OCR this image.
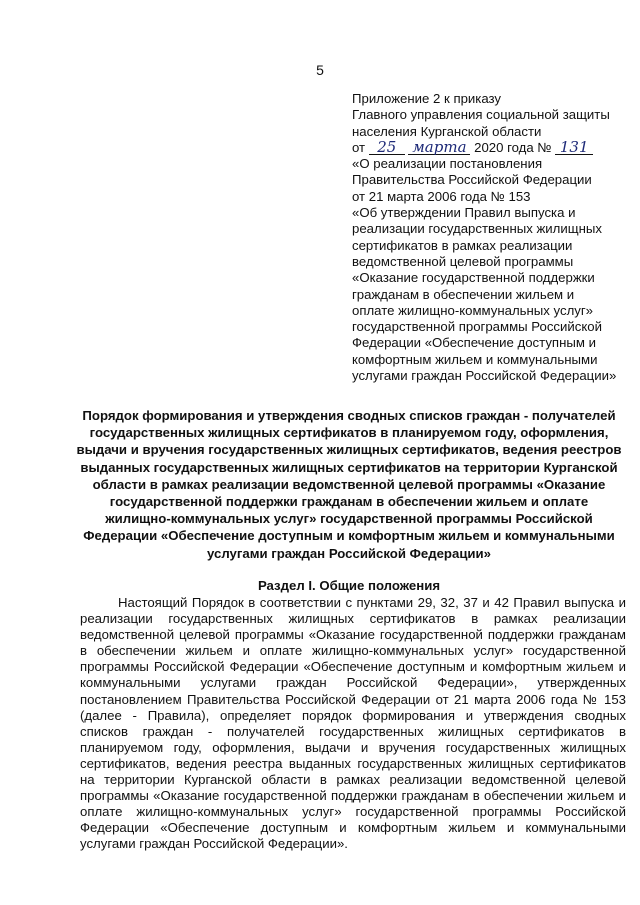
5
Приложение 2 к приказу
Главного управления социальной защиты
населения Курганской области
от 25 марта 2020 года № 131
«О реализации постановления
Правительства Российской Федерации
от 21 марта 2006 года № 153
«Об утверждении Правил выпуска и
реализации государственных жилищных
сертификатов в рамках реализации
ведомственной целевой программы
«Оказание государственной поддержки
гражданам в обеспечении жильем и
оплате жилищно-коммунальных услуг»
государственной программы Российской
Федерации «Обеспечение доступным и
комфортным жильем и коммунальными
услугами граждан Российской Федерации»
Порядок формирования и утверждения сводных списков граждан - получателей
государственных жилищных сертификатов в планируемом году, оформления,
выдачи и вручения государственных жилищных сертификатов, ведения реестров
выданных государственных жилищных сертификатов на территории Курганской
области в рамках реализации ведомственной целевой программы «Оказание
государственной поддержки гражданам в обеспечении жильем и оплате
жилищно-коммунальных услуг» государственной программы Российской
Федерации «Обеспечение доступным и комфортным жильем и коммунальными
услугами граждан Российской Федерации»
Раздел I. Общие положения
Настоящий Порядок в соответствии с пунктами 29, 32, 37 и 42 Правил выпуска и
реализации государственных жилищных сертификатов в рамках реализации
ведомственной целевой программы «Оказание государственной поддержки гражданам
в обеспечении жильем и оплате жилищно-коммунальных услуг» государственной
программы Российской Федерации «Обеспечение доступным и комфортным жильем и
коммунальными услугами граждан Российской Федерации», утвержденных
постановлением Правительства Российской Федерации от 21 марта 2006 года № 153
(далее - Правила), определяет порядок формирования и утверждения сводных
списков граждан - получателей государственных жилищных сертификатов в
планируемом году, оформления, выдачи и вручения государственных жилищных
сертификатов, ведения реестра выданных государственных жилищных сертификатов
на территории Курганской области в рамках реализации ведомственной целевой
программы «Оказание государственной поддержки гражданам в обеспечении жильем и
оплате жилищно-коммунальных услуг» государственной программы Российской
Федерации «Обеспечение доступным и комфортным жильем и коммунальными
услугами граждан Российской Федерации».
